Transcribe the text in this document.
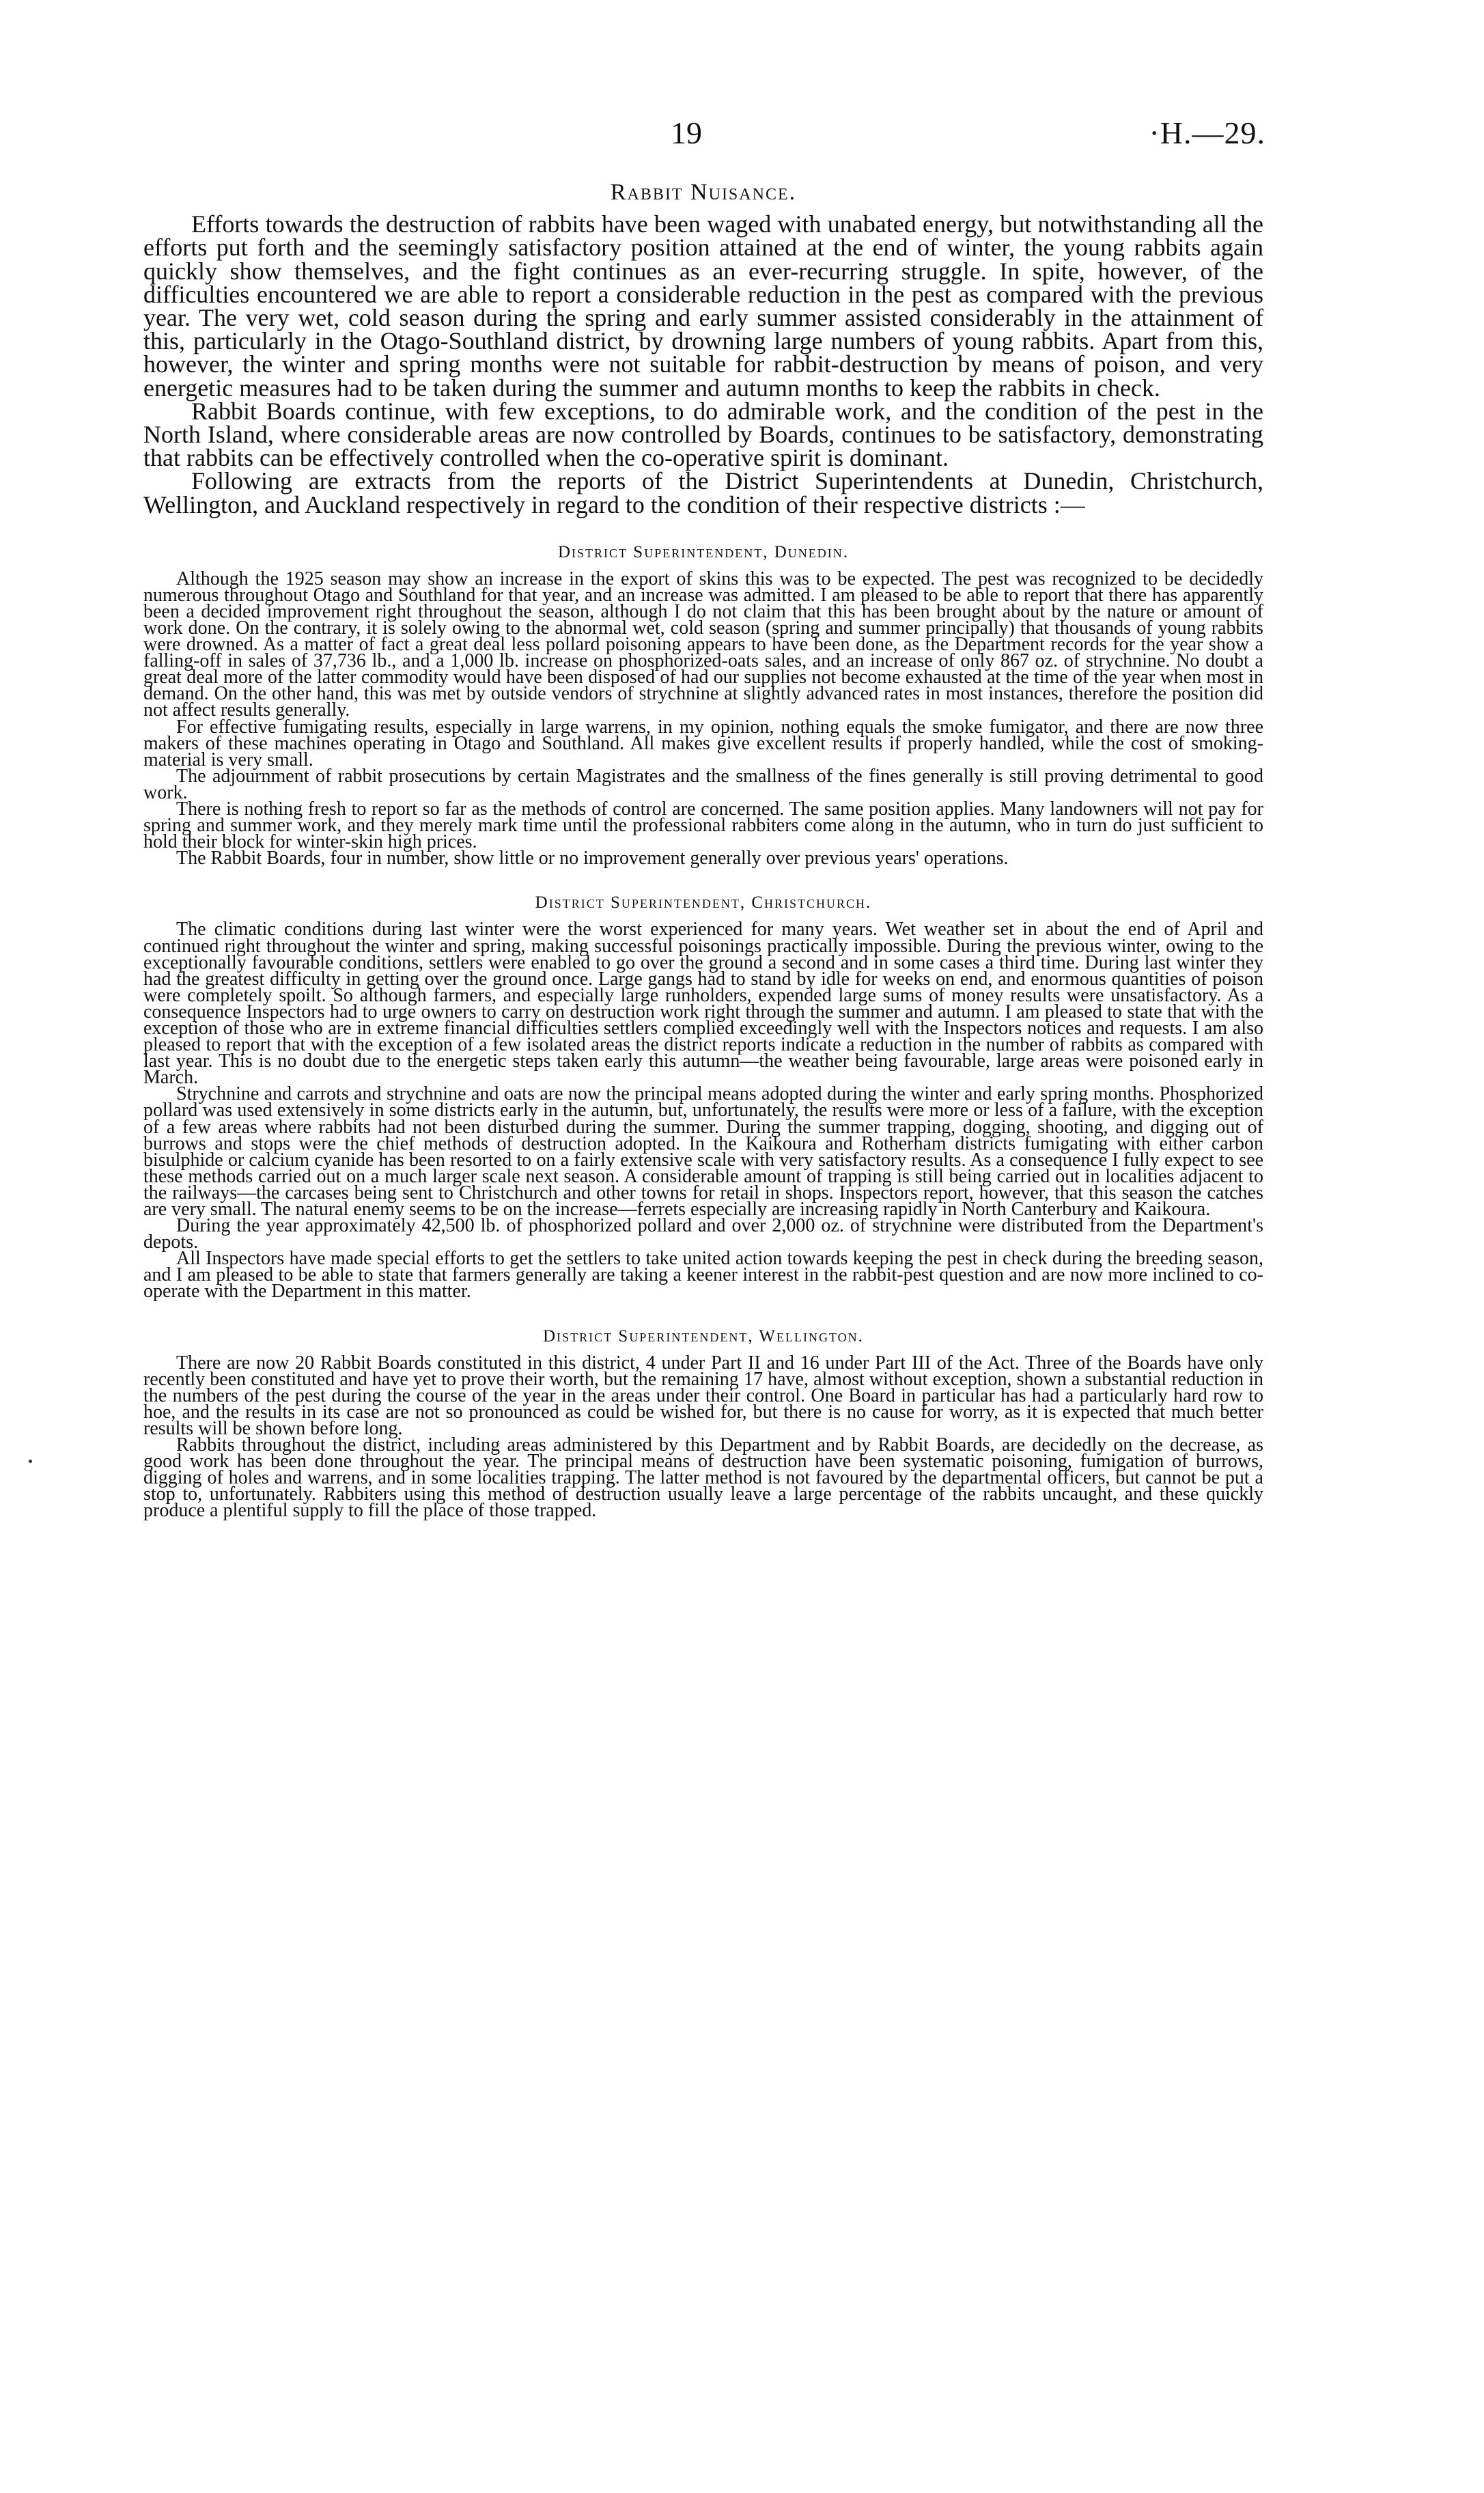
19	·H.—29.
Rabbit Nuisance.

Efforts towards the destruction of rabbits have been waged with unabated energy, but notwithstanding all the efforts put forth and the seemingly satisfactory position attained at the end of winter, the young rabbits again quickly show themselves, and the fight continues as an ever-recurring struggle. In spite, however, of the difficulties encountered we are able to report a considerable reduction in the pest as compared with the previous year. The very wet, cold season during the spring and early summer assisted considerably in the attainment of this, particularly in the Otago-Southland district, by drowning large numbers of young rabbits. Apart from this, however, the winter and spring months were not suitable for rabbit-destruction by means of poison, and very energetic measures had to be taken during the summer and autumn months to keep the rabbits in check.

Rabbit Boards continue, with few exceptions, to do admirable work, and the condition of the pest in the North Island, where considerable areas are now controlled by Boards, continues to be satisfactory, demonstrating that rabbits can be effectively controlled when the co-operative spirit is dominant.

Following are extracts from the reports of the District Superintendents at Dunedin, Christchurch, Wellington, and Auckland respectively in regard to the condition of their respective districts :—

District Superintendent, Dunedin.

Although the 1925 season may show an increase in the export of skins this was to be expected. The pest was recognized to be decidedly numerous throughout Otago and Southland for that year, and an increase was admitted. I am pleased to be able to report that there has apparently been a decided improvement right throughout the season, although I do not claim that this has been brought about by the nature or amount of work done. On the contrary, it is solely owing to the abnormal wet, cold season (spring and summer principally) that thousands of young rabbits were drowned. As a matter of fact a great deal less pollard poisoning appears to have been done, as the Department records for the year show a falling-off in sales of 37,736 lb., and a 1,000 lb. increase on phosphorized-oats sales, and an increase of only 867 oz. of strychnine. No doubt a great deal more of the latter commodity would have been disposed of had our supplies not become exhausted at the time of the year when most in demand. On the other hand, this was met by outside vendors of strychnine at slightly advanced rates in most instances, therefore the position did not affect results generally.

For effective fumigating results, especially in large warrens, in my opinion, nothing equals the smoke fumigator, and there are now three makers of these machines operating in Otago and Southland. All makes give excellent results if properly handled, while the cost of smoking-material is very small.

The adjournment of rabbit prosecutions by certain Magistrates and the smallness of the fines generally is still proving detrimental to good work.

There is nothing fresh to report so far as the methods of control are concerned. The same position applies. Many landowners will not pay for spring and summer work, and they merely mark time until the professional rabbiters come along in the autumn, who in turn do just sufficient to hold their block for winter-skin high prices.

The Rabbit Boards, four in number, show little or no improvement generally over previous years' operations.

District Superintendent, Christchurch.

The climatic conditions during last winter were the worst experienced for many years. Wet weather set in about the end of April and continued right throughout the winter and spring, making successful poisonings practically impossible. During the previous winter, owing to the exceptionally favourable conditions, settlers were enabled to go over the ground a second and in some cases a third time. During last winter they had the greatest difficulty in getting over the ground once. Large gangs had to stand by idle for weeks on end, and enormous quantities of poison were completely spoilt. So although farmers, and especially large runholders, expended large sums of money results were unsatisfactory. As a consequence Inspectors had to urge owners to carry on destruction work right through the summer and autumn. I am pleased to state that with the exception of those who are in extreme financial difficulties settlers complied exceedingly well with the Inspectors notices and requests. I am also pleased to report that with the exception of a few isolated areas the district reports indicate a reduction in the number of rabbits as compared with last year. This is no doubt due to the energetic steps taken early this autumn—the weather being favourable, large areas were poisoned early in March.

Strychnine and carrots and strychnine and oats are now the principal means adopted during the winter and early spring months. Phosphorized pollard was used extensively in some districts early in the autumn, but, unfortunately, the results were more or less of a failure, with the exception of a few areas where rabbits had not been disturbed during the summer. During the summer trapping, dogging, shooting, and digging out of burrows and stops were the chief methods of destruction adopted. In the Kaikoura and Rotherham districts fumigating with either carbon bisulphide or calcium cyanide has been resorted to on a fairly extensive scale with very satisfactory results. As a consequence I fully expect to see these methods carried out on a much larger scale next season. A considerable amount of trapping is still being carried out in localities adjacent to the railways—the carcases being sent to Christchurch and other towns for retail in shops. Inspectors report, however, that this season the catches are very small. The natural enemy seems to be on the increase—ferrets especially are increasing rapidly in North Canterbury and Kaikoura.

During the year approximately 42,500 lb. of phosphorized pollard and over 2,000 oz. of strychnine were distributed from the Department's depots.

All Inspectors have made special efforts to get the settlers to take united action towards keeping the pest in check during the breeding season, and I am pleased to be able to state that farmers generally are taking a keener interest in the rabbit-pest question and are now more inclined to co-operate with the Department in this matter.

District Superintendent, Wellington.

There are now 20 Rabbit Boards constituted in this district, 4 under Part II and 16 under Part III of the Act. Three of the Boards have only recently been constituted and have yet to prove their worth, but the remaining 17 have, almost without exception, shown a substantial reduction in the numbers of the pest during the course of the year in the areas under their control. One Board in particular has had a particularly hard row to hoe, and the results in its case are not so pronounced as could be wished for, but there is no cause for worry, as it is expected that much better results will be shown before long.

Rabbits throughout the district, including areas administered by this Department and by Rabbit Boards, are decidedly on the decrease, as good work has been done throughout the year. The principal means of destruction have been systematic poisoning, fumigation of burrows, digging of holes and warrens, and in some localities trapping. The latter method is not favoured by the departmental officers, but cannot be put a stop to, unfortunately. Rabbiters using this method of destruction usually leave a large percentage of the rabbits uncaught, and these quickly produce a plentiful supply to fill the place of those trapped.
